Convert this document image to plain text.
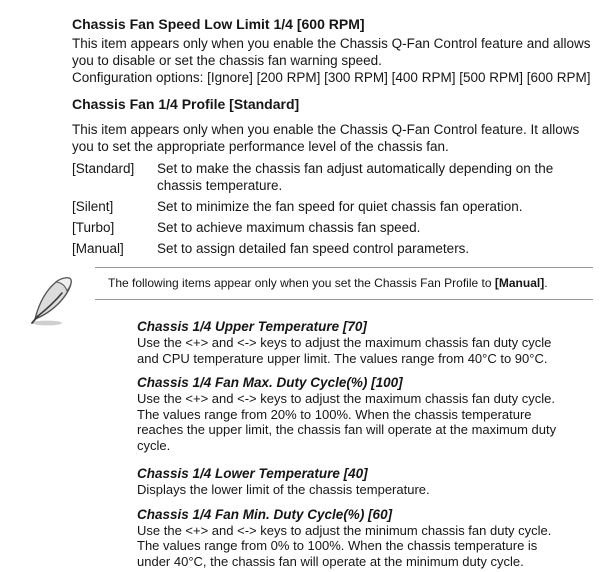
Chassis Fan Speed Low Limit 1/4 [600 RPM]
This item appears only when you enable the Chassis Q-Fan Control feature and allows
you to disable or set the chassis fan warning speed.
Configuration options: [Ignore] [200 RPM] [300 RPM] [400 RPM] [500 RPM] [600 RPM]
Chassis Fan 1/4 Profile [Standard]
This item appears only when you enable the Chassis Q-Fan Control feature. It allows
you to set the appropriate performance level of the chassis fan.
[Standard]	Set to make the chassis fan adjust automatically depending on the
chassis temperature.
[Silent]	Set to minimize the fan speed for quiet chassis fan operation.
[Turbo]	Set to achieve maximum chassis fan speed.
[Manual]	Set to assign detailed fan speed control parameters.
The following items appear only when you set the Chassis Fan Profile to [Manual].
Chassis 1/4 Upper Temperature [70]
Use the <+> and <-> keys to adjust the maximum chassis fan duty cycle
and CPU temperature upper limit. The values range from 40°C to 90°C.
Chassis 1/4 Fan Max. Duty Cycle(%) [100]
Use the <+> and <-> keys to adjust the maximum chassis fan duty cycle.
The values range from 20% to 100%. When the chassis temperature
reaches the upper limit, the chassis fan will operate at the maximum duty
cycle.
Chassis 1/4 Lower Temperature [40]
Displays the lower limit of the chassis temperature.
Chassis 1/4 Fan Min. Duty Cycle(%) [60]
Use the <+> and <-> keys to adjust the minimum chassis fan duty cycle.
The values range from 0% to 100%. When the chassis temperature is
under 40°C, the chassis fan will operate at the minimum duty cycle.
